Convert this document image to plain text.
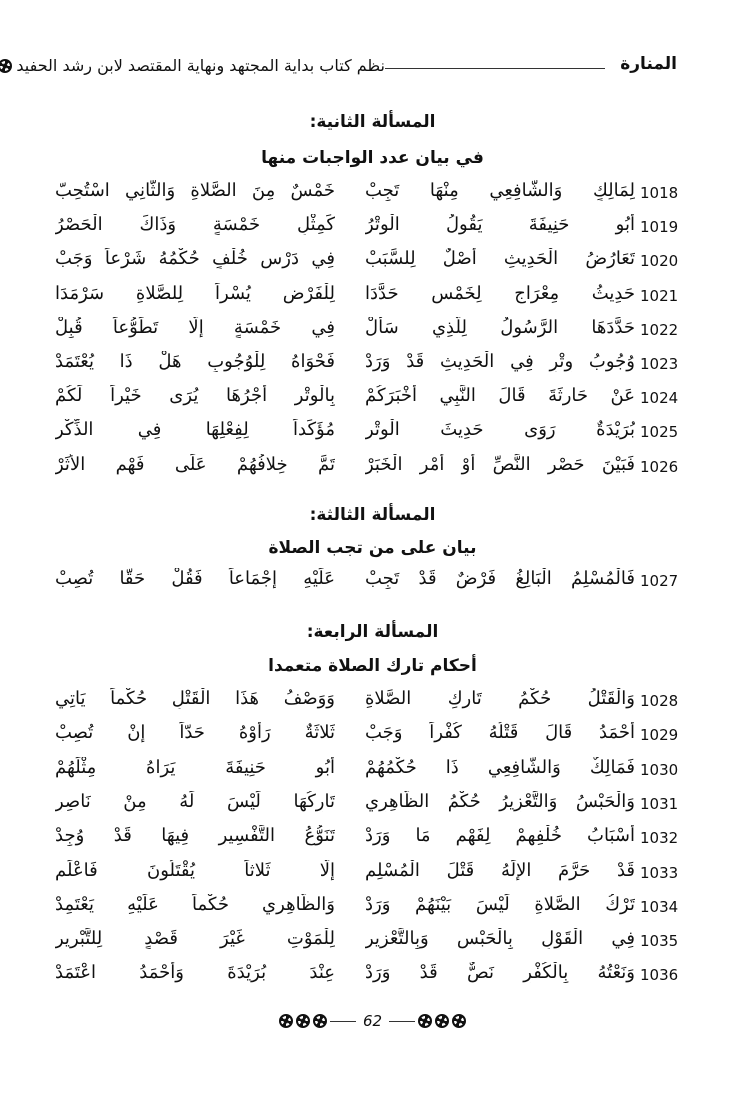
المنارة
نظم كتاب بداية المجتهد ونهاية المقتصد لابن رشد الحفيد
المسألة الثانية:
في بيان عدد الواجبات منها
1018
لِمَالِكٍ وَالشَّافِعِي مِنْهَا تَجِبْ
خَمْسٌ مِنَ الصَّلاةِ وَالثَّانِي اسْتُحِبّ
1019
أَبُو حَنِيفَةَ يَقُولُ الْوِتْرُ
كَمِثْلِ خَمْسَةٍ وَذَاكَ الْحَصْرُ
1020
تَعَارُضُ الْحَدِيثِ أَصْلٌ لِلسَّبَبْ
فِي دَرْسِ خُلْفٍ حُكْمُهُ شَرْعاً وَجَبْ
1021
حَدِيثُ مِعْرَاجٍ لِخَمْسٍ حَدَّدَا
لِلْفَرْضِ يُسْراً لِلصَّلاةِ سَرْمَدَا
1022
حَدَّدَهَا الرَّسُولُ لِلَّذِي سَأَلْ
فِي خَمْسَةٍ إِلَّا تَطَوُّعاً قُبِلْ
1023
وُجُوبُ وِتْرٍ فِي الْحَدِيثِ قَدْ وَرَدْ
فَحْوَاهُ لِلْوُجُوبِ هَلْ ذَا يُعْتَمَدْ
1024
عَنْ حَارِثَةَ قَالَ النَّبِي أَخْبَرَكُمْ
بِالْوِتْرِ أَجْرُهَا يُرَى خَيْراً لَكُمْ
1025
بُرَيْدَةٌ رَوَى حَدِيثَ الْوِتْرِ
مُؤَكِّداً لِفِعْلِهَا فِي الذِّكْرِ
1026
فَبَيْنَ حَصْرِ النَّصِّ أَوْ أَمْرِ الْخَبَرْ
تَمَّ خِلافُهُمْ عَلَى فَهْمِ الأَثَرْ
المسألة الثالثة:
بيان على من تجب الصلاة
1027
فَالْمُسْلِمُ الْبَالِغُ فَرْضٌ قَدْ تَجِبْ
عَلَيْهِ إِجْمَاعاً فَقُلْ حَقًّا تُصِبْ
المسألة الرابعة:
أحكام تارك الصلاة متعمدا
1028
وَالْقَتْلُ حُكْمُ تَارِكِ الصَّلاةِ
وَوَصْفُ هَذَا الْقَتْلِ حُكْماً يَاتِي
1029
أَحْمَدُ قَالَ قَتْلُهُ كُفْراً وَجَبْ
ثَلاثَةٌ رَأَوْهُ حَدّاً إِنْ تُصِبْ
1030
فَمَالِكٌ وَالشَّافِعِي ذَا حُكْمُهُمْ
أَبُو حَنِيفَةَ يَرَاهُ مِثْلَهُمْ
1031
وَالْحَبْسُ وَالتَّعْزِيرُ حُكْمُ الظَّاهِرِي
تَارِكُهَا لَيْسَ لَهُ مِنْ نَاصِرِ
1032
أَسْبَابُ خُلْفِهِمْ لِفَهْمِ مَا وَرَدْ
تَنَوُّعُ التَّفْسِيرِ فِيهَا قَدْ وُجِدْ
1033
قَدْ حَرَّمَ الإِلَهُ قَتْلَ الْمُسْلِمِ
إِلَّا ثَلاثاً يُقْتَلُونَ فَاعْلَمِ
1034
تَرْكُ الصَّلاةِ لَيْسَ بَيْنَهُمْ وَرَدْ
وَالظَّاهِرِي حُكْماً عَلَيْهِ يَعْتَمِدْ
1035
فِي الْقَوْلِ بِالْحَبْسِ وَبِالتَّعْزِيرِ
لِلْمَوْتِ غَيْرَ قَصْدٍ لِلتَّبْرِيرِ
1036
وَنَعْتُهُ بِالْكُفْرِ نَصٌّ قَدْ وَرَدْ
عِنْدَ بُرَيْدَةَ وَأَحْمَدُ اعْتَمَدْ
62
